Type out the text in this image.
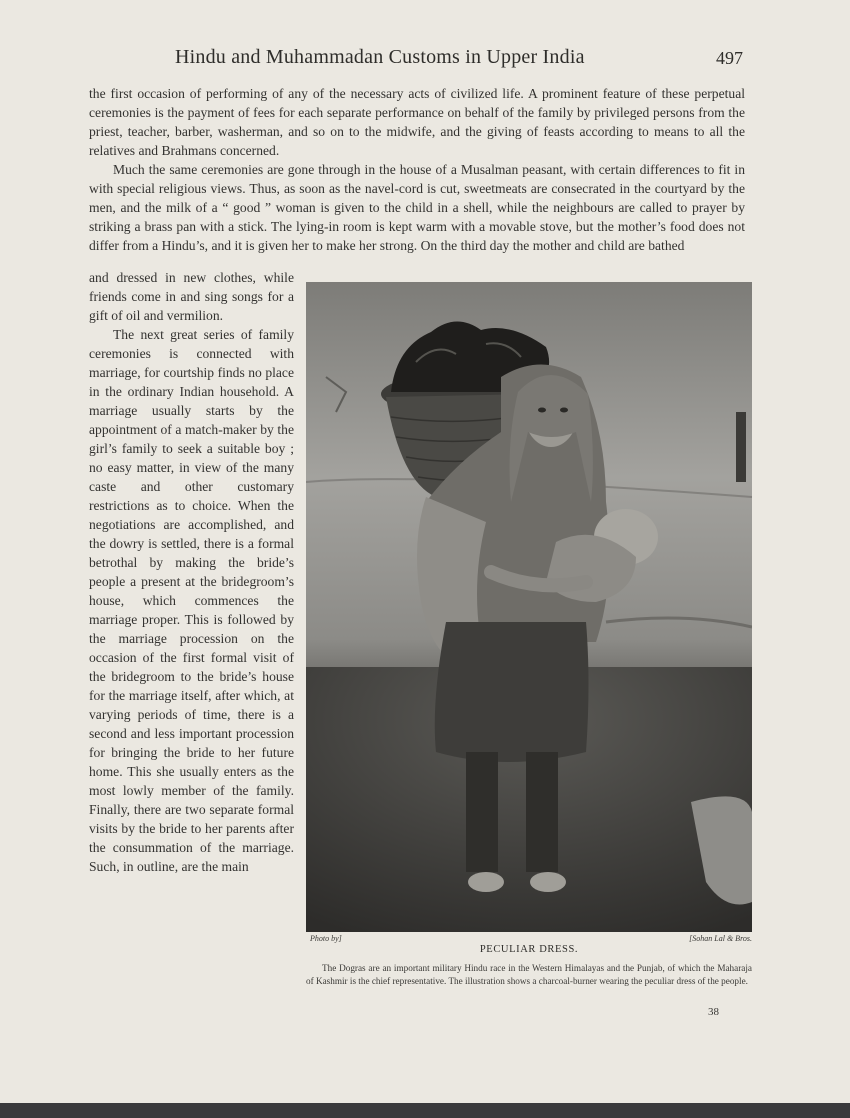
Hindu and Muhammadan Customs in Upper India	497

the first occasion of performing of any of the necessary acts of civilized life. A prominent feature of these perpetual ceremonies is the payment of fees for each separate performance on behalf of the family by privileged persons from the priest, teacher, barber, washerman, and so on to the midwife, and the giving of feasts according to means to all the relatives and Brahmans concerned.

Much the same ceremonies are gone through in the house of a Musalman peasant, with certain differences to fit in with special religious views. Thus, as soon as the navel-cord is cut, sweetmeats are consecrated in the courtyard by the men, and the milk of a “ good ” woman is given to the child in a shell, while the neighbours are called to prayer by striking a brass pan with a stick. The lying-in room is kept warm with a movable stove, but the mother’s food does not differ from a Hindu’s, and it is given her to make her strong. On the third day the mother and child are bathed

and dressed in new clothes, while friends come in and sing songs for a gift of oil and vermilion.

The next great series of family ceremonies is connected with marriage, for courtship finds no place in the ordinary Indian household. A marriage usually starts by the appointment of a match-maker by the girl’s family to seek a suitable boy ; no easy matter, in view of the many caste and other customary restrictions as to choice. When the negotiations are accomplished, and the dowry is settled, there is a formal betrothal by making the bride’s people a present at the bridegroom’s house, which commences the marriage proper. This is followed by the marriage procession on the occasion of the first formal visit of the bridegroom to the bride’s house for the marriage itself, after which, at varying periods of time, there is a second and less important procession for bringing the bride to her future home. This she usually enters as the most lowly member of the family. Finally, there are two separate formal visits by the bride to her parents after the consummation of the marriage. Such, in outline, are the main

Photo by]	[Sohan Lal & Bros.
PECULIAR DRESS.
The Dogras are an important military Hindu race in the Western Himalayas and the Punjab, of which the Maharaja of Kashmir is the chief representative. The illustration shows a charcoal-burner wearing the peculiar dress of the people.
38
